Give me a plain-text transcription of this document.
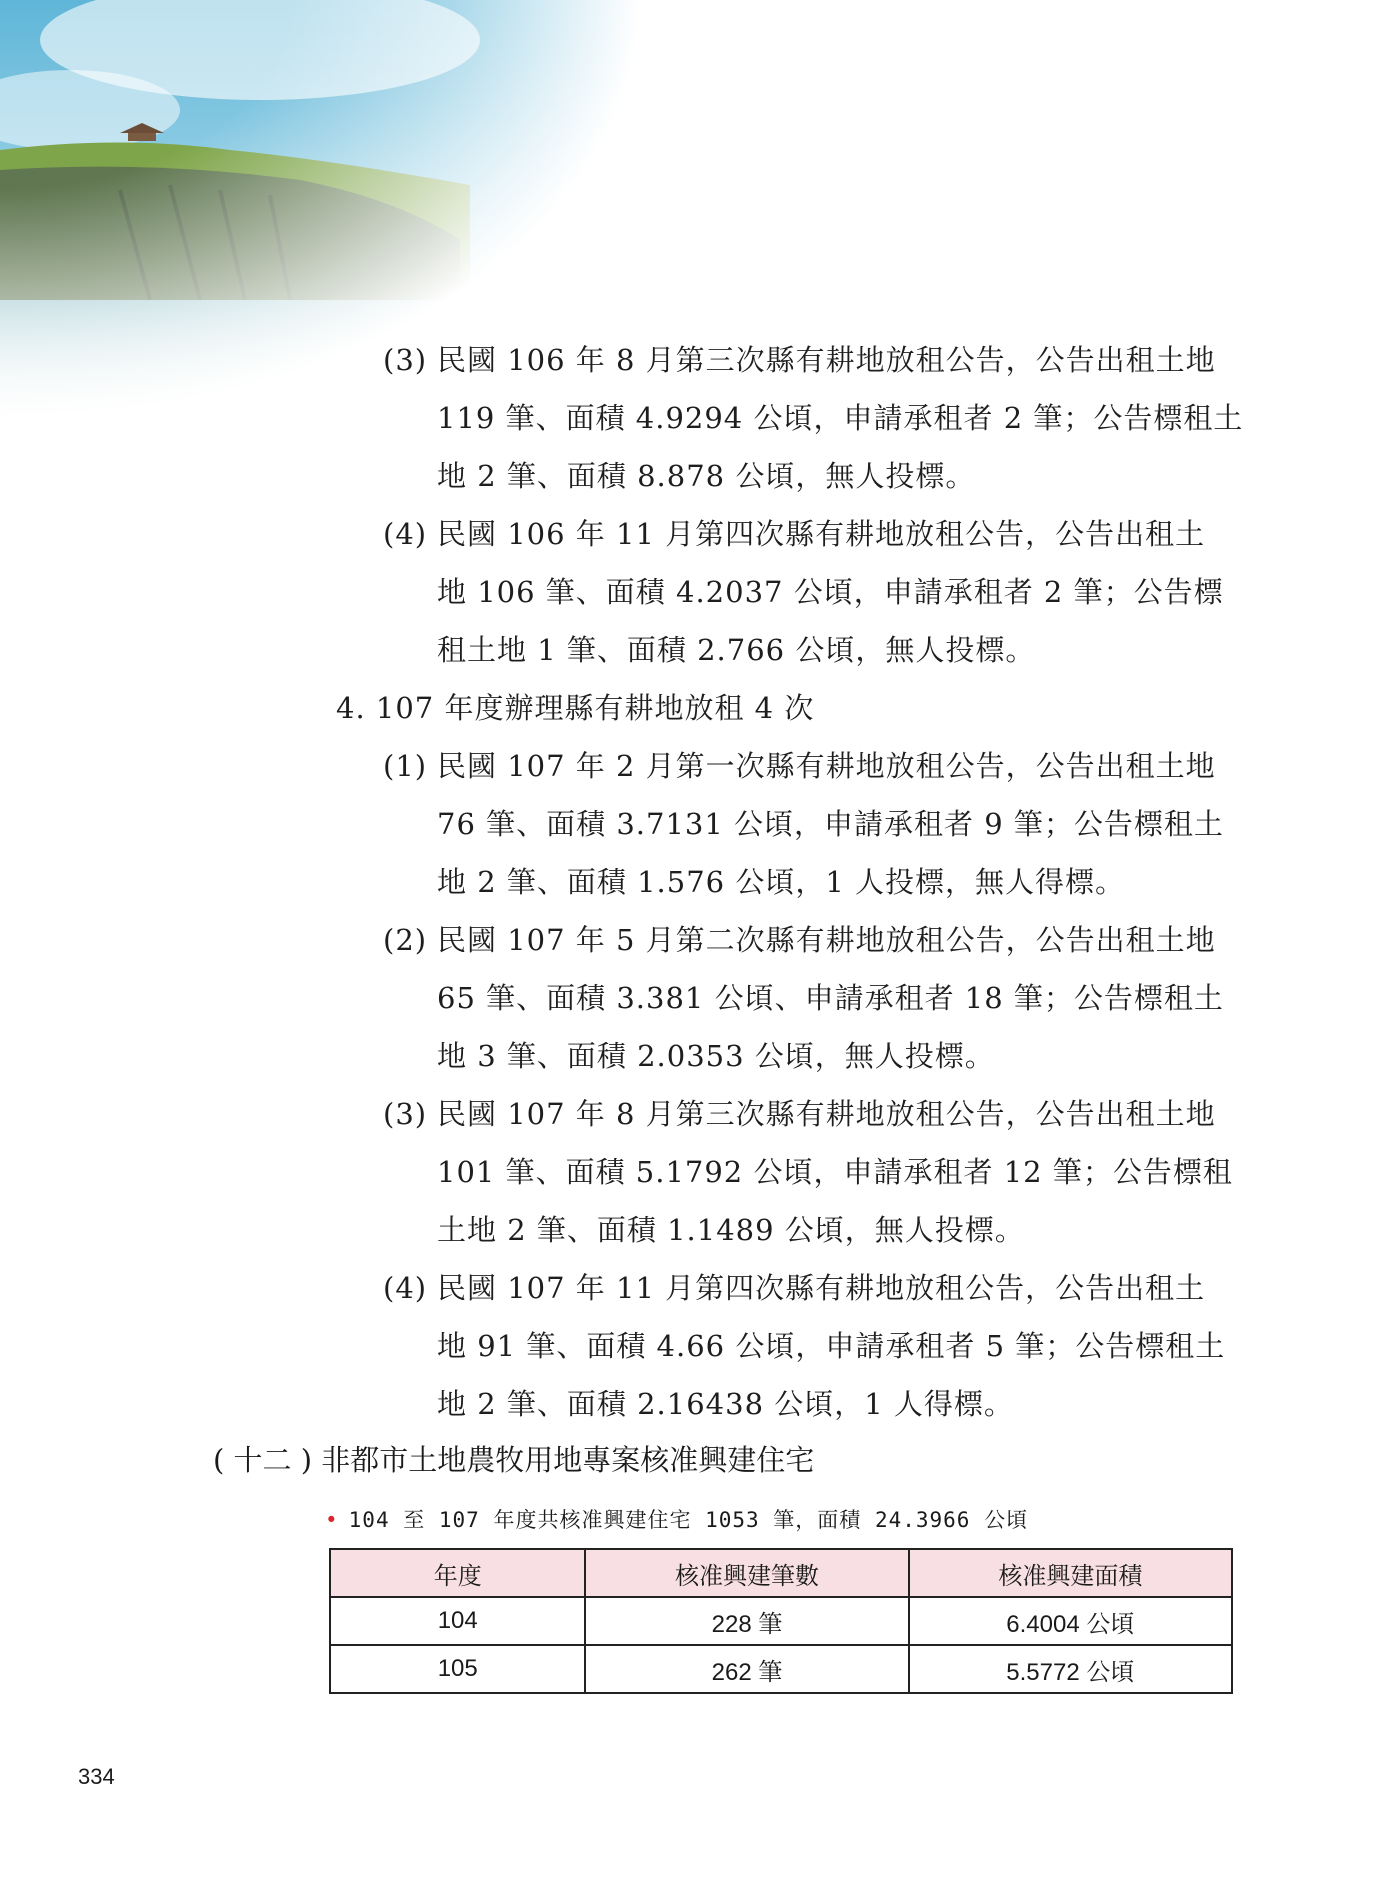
(3) 民國 106 年 8 月第三次縣有耕地放租公告，公告出租土地
119 筆、面積 4.9294 公頃，申請承租者 2 筆；公告標租土
地 2 筆、面積 8.878 公頃，無人投標。
(4) 民國 106 年 11 月第四次縣有耕地放租公告，公告出租土
地 106 筆、面積 4.2037 公頃，申請承租者 2 筆；公告標
租土地 1 筆、面積 2.766 公頃，無人投標。
4. 107 年度辦理縣有耕地放租 4 次
(1) 民國 107 年 2 月第一次縣有耕地放租公告，公告出租土地
76 筆、面積 3.7131 公頃，申請承租者 9 筆；公告標租土
地 2 筆、面積 1.576 公頃，1 人投標，無人得標。
(2) 民國 107 年 5 月第二次縣有耕地放租公告，公告出租土地
65 筆、面積 3.381 公頃、申請承租者 18 筆；公告標租土
地 3 筆、面積 2.0353 公頃，無人投標。
(3) 民國 107 年 8 月第三次縣有耕地放租公告，公告出租土地
101 筆、面積 5.1792 公頃，申請承租者 12 筆；公告標租
土地 2 筆、面積 1.1489 公頃，無人投標。
(4) 民國 107 年 11 月第四次縣有耕地放租公告，公告出租土
地 91 筆、面積 4.66 公頃，申請承租者 5 筆；公告標租土
地 2 筆、面積 2.16438 公頃，1 人得標。
( 十二 ) 非都市土地農牧用地專案核准興建住宅
• 104 至 107 年度共核准興建住宅 1053 筆，面積 24.3966 公頃
年度	核准興建筆數	核准興建面積
104	228 筆	6.4004 公頃
105	262 筆	5.5772 公頃
334
